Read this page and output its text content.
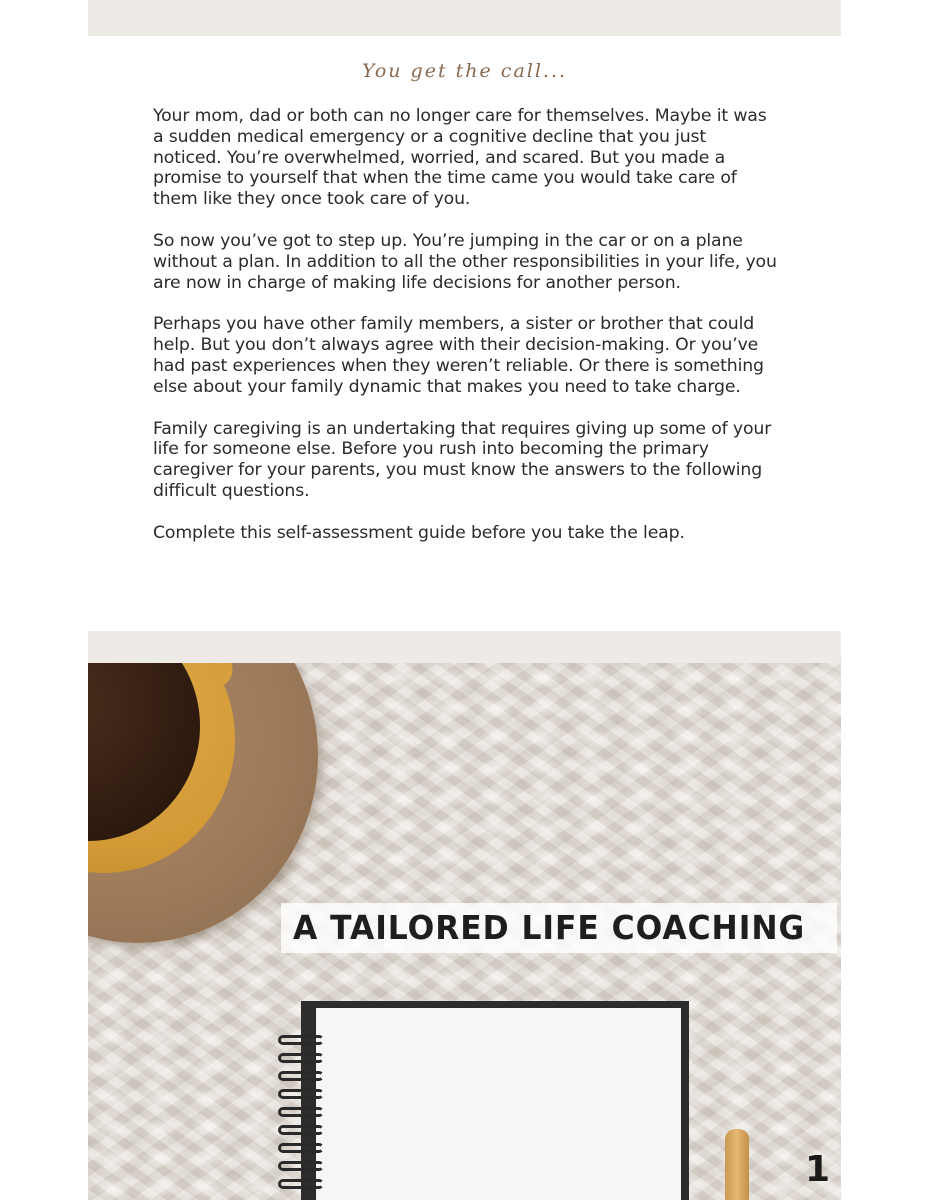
You get the call...

Your mom, dad or both can no longer care for themselves. Maybe it was a sudden medical emergency or a cognitive decline that you just noticed. You’re overwhelmed, worried, and scared. But you made a promise to yourself that when the time came you would take care of them like they once took care of you.

So now you’ve got to step up. You’re jumping in the car or on a plane without a plan. In addition to all the other responsibilities in your life, you are now in charge of making life decisions for another person.

Perhaps you have other family members, a sister or brother that could help. But you don’t always agree with their decision-making. Or you’ve had past experiences when they weren’t reliable. Or there is something else about your family dynamic that makes you need to take charge.

Family caregiving is an undertaking that requires giving up some of your life for someone else. Before you rush into becoming the primary caregiver for your parents, you must know the answers to the following difficult questions.

Complete this self-assessment guide before you take the leap.

A TAILORED LIFE COACHING

1
